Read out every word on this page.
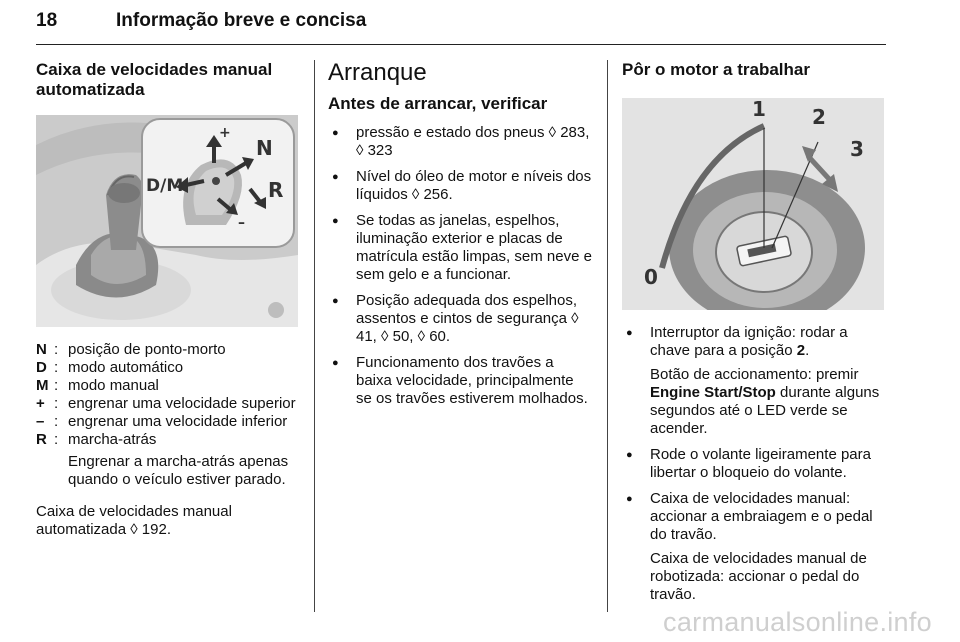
18	Informação breve e concisa
Caixa de velocidades manual automatizada
+
–
N
R
D/M
N : posição de ponto-morto
D : modo automático
M : modo manual
+ : engrenar uma velocidade superior
– : engrenar uma velocidade inferior
R : marcha-atrás

Engrenar a marcha-atrás apenas quando o veículo estiver parado.

Caixa de velocidades manual automatizada ◊ 192.

Arranque
Antes de arrancar, verificar
● pressão e estado dos pneus ◊ 283, ◊ 323
● Nível do óleo de motor e níveis dos líquidos ◊ 256.
● Se todas as janelas, espelhos, iluminação exterior e placas de matrícula estão limpas, sem neve e sem gelo e a funcionar.
● Posição adequada dos espelhos, assentos e cintos de segurança ◊ 41, ◊ 50, ◊ 60.
● Funcionamento dos travões a baixa velocidade, principalmente se os travões estiverem molhados.
Pôr o motor a trabalhar
1 2
3
0
● Interruptor da ignição: rodar a chave para a posição 2.
Botão de accionamento: premir Engine Start/Stop durante alguns segundos até o LED verde se acender.
● Rode o volante ligeiramente para libertar o bloqueio do volante.
● Caixa de velocidades manual: accionar a embraiagem e o pedal do travão.
Caixa de velocidades manual de robotizada: accionar o pedal do travão.
carmanualsonline.info
